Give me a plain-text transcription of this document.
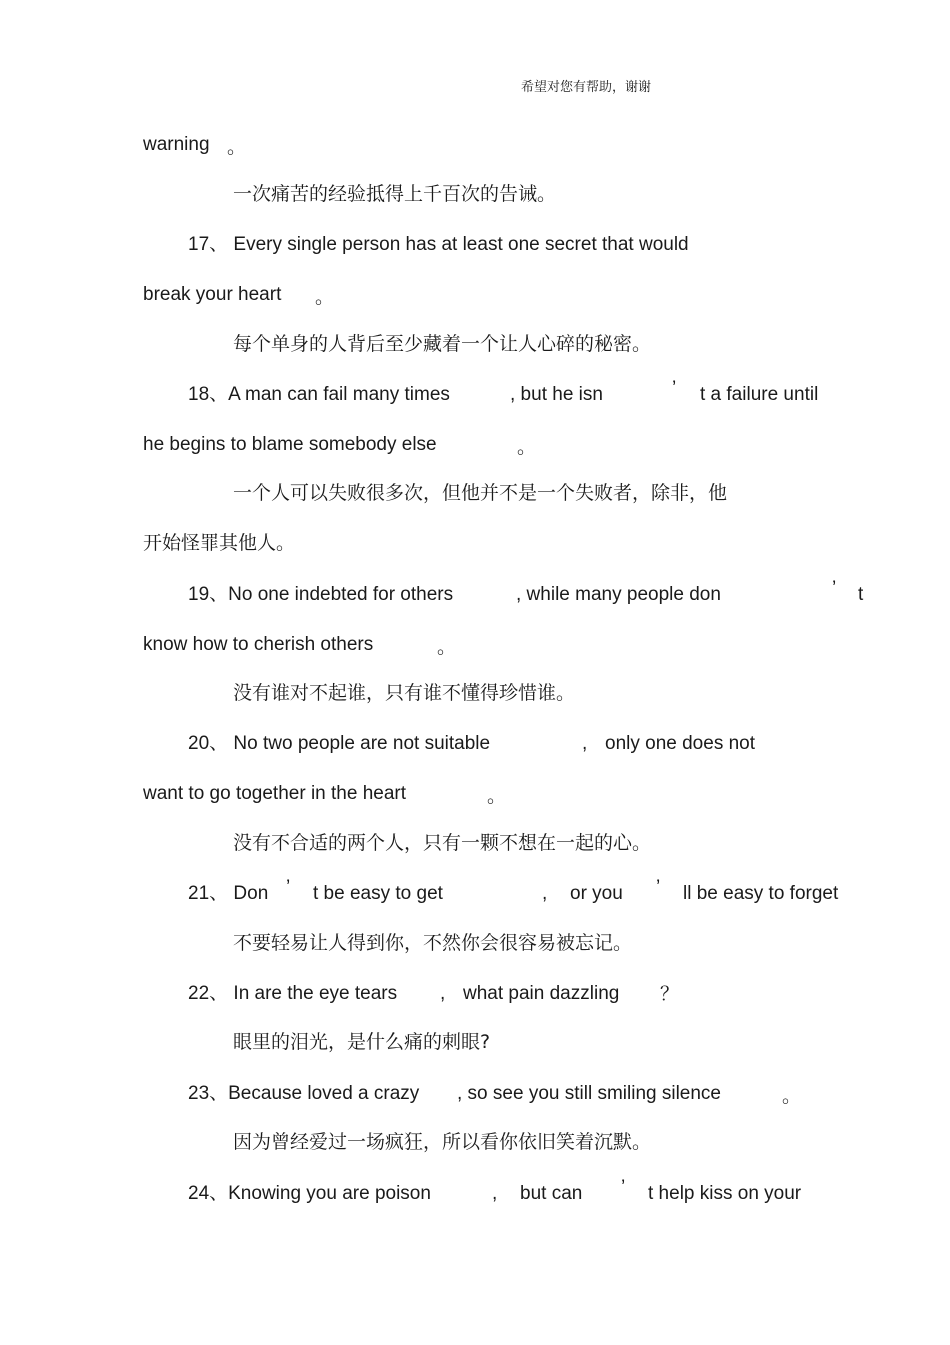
希望对您有帮助，谢谢
warning 。
一次痛苦的经验抵得上千百次的告诫。
17、 Every single person has at least one secret that would
break your heart 。
每个单身的人背后至少藏着一个让人心碎的秘密。
18、A man can fail many times	, but he isn	’ t a failure until
he begins to blame somebody else	。
一个人可以失败很多次，但他并不是一个失败者，除非，他
开始怪罪其他人。
19、No one indebted for others	, while many people don	’ t
know how to cherish others	。
没有谁对不起谁，只有谁不懂得珍惜谁。
20、 No two people are not suitable	, only one does not
want to go together in the heart	。
没有不合适的两个人，只有一颗不想在一起的心。
21、 Don ’ t be easy to get	, or you ’ ll be easy to forget
不要轻易让人得到你，不然你会很容易被忘记。
22、 In are the eye tears , what pain dazzling ？
眼里的泪光，是什么痛的刺眼?
23、Because loved a crazy , so see you still smiling silence	。
因为曾经爱过一场疯狂，所以看你依旧笑着沉默。
24、Knowing you are poison	, but can ’ t help kiss on your
